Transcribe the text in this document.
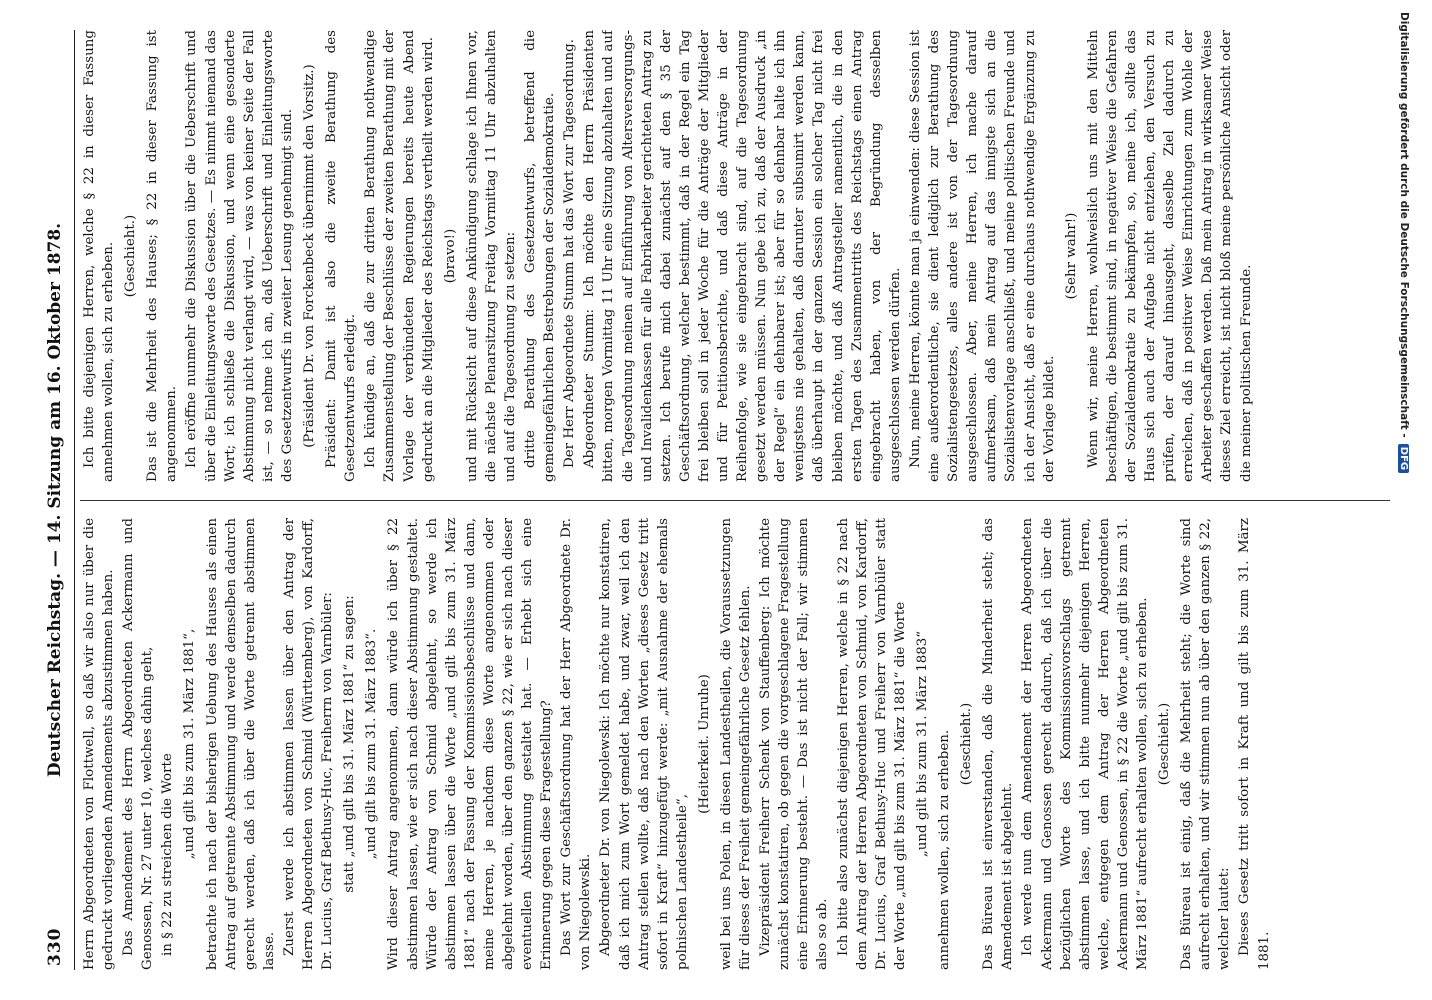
330
Deutscher Reichstag. — 14. Sitzung am 16. Oktober 1878.	Herrn Abgeordneten von Flottwell, so daß wir also nur über die gedruckt vorliegenden Amendements abzustimmen haben. Das Amendement des Herrn Abgeordneten Ackermann und Genossen, Nr. 27 unter 10, welches dahin geht, in § 22 zu streichen die Worte „und gilt bis zum 31. März 1881“, betrachte ich nach der bisherigen Uebung des Hauses als einen Antrag auf getrennte Abstimmung und werde demselben dadurch gerecht werden, daß ich über die Worte getrennt abstimmen lasse. Zuerst werde ich abstimmen lassen über den Antrag der Herren Abgeordneten von Schmid (Württemberg), von Kardorff, Dr. Lucius, Graf Bethusy-Huc, Freiherrn von Varnbüler: statt „und gilt bis 31. März 1881“ zu sagen: „und gilt bis zum 31. März 1883“. Wird dieser Antrag angenommen, dann würde ich über § 22 abstimmen lassen, wie er sich nach dieser Abstimmung gestaltet. Würde der Antrag von Schmid abgelehnt, so werde ich abstimmen lassen über die Worte „und gilt bis zum 31. März 1881“ nach der Fassung der Kommissionsbeschlüsse und dann, meine Herren, je nachdem diese Worte angenommen oder abgelehnt worden, über den ganzen § 22, wie er sich nach dieser eventuellen Abstimmung gestaltet hat. — Erhebt sich eine Erinnerung gegen diese Fragestellung? Das Wort zur Geschäftsordnung hat der Herr Abgeordnete Dr. von Niegolewski. Abgeordneter Dr. von Niegolewski: Ich möchte nur konstatiren, daß ich mich zum Wort gemeldet habe, und zwar, weil ich den Antrag stellen wollte, daß nach den Worten „dieses Gesetz tritt sofort in Kraft“ hinzugefügt werde: „mit Ausnahme der ehemals polnischen Landestheile“,

(Heiterkeit. Unruhe) weil bei uns Polen, in diesen Landestheilen, die Voraussetzungen für dieses der Freiheit gemeingefährliche Gesetz fehlen. Vizepräsident Freiherr Schenk von Stauffenberg: Ich möchte zunächst konstatiren, ob gegen die vorgeschlagene Fragestellung eine Erinnerung besteht. — Das ist nicht der Fall; wir stimmen also so ab. Ich bitte also zunächst diejenigen Herren, welche in § 22 nach dem Antrag der Herren Abgeordneten von Schmid, von Kardorff, Dr. Lucius, Graf Bethusy-Huc und Freiherr von Varnbüler statt der Worte „und gilt bis zum 31. März 1881“ die Worte „und gilt bis zum 31. März 1883“ annehmen wollen, sich zu erheben. (Geschieht.) Das Büreau ist einverstanden, daß die Minderheit steht; das Amendement ist abgelehnt. Ich werde nun dem Amendement der Herren Abgeordneten Ackermann und Genossen gerecht dadurch, daß ich über die bezüglichen Worte des Kommissionsvorschlags getrennt abstimmen lasse, und ich bitte nunmehr diejenigen Herren, welche, entgegen dem Antrag der Herren Abgeordneten Ackermann und Genossen, in § 22 die Worte „und gilt bis zum 31. März 1881“ aufrecht erhalten wollen, sich zu erheben. (Geschieht.) Das Büreau ist einig, daß die Mehrheit steht; die Worte sind aufrecht erhalten, und wir stimmen nun ab über den ganzen § 22, welcher lautet: Dieses Gesetz tritt sofort in Kraft und gilt bis zum 31. März 1881.

Ich bitte diejenigen Herren, welche § 22 in dieser Fassung annehmen wollen, sich zu erheben. (Geschieht.) Das ist die Mehrheit des Hauses; § 22 in dieser Fassung ist angenommen. Ich eröffne nunmehr die Diskussion über die Ueberschrift und über die Einleitungsworte des Gesetzes. — Es nimmt niemand das Wort; ich schließe die Diskussion, und wenn eine gesonderte Abstimmung nicht verlangt wird, — was von keiner Seite der Fall ist, — so nehme ich an, daß Ueberschrift und Einleitungsworte des Gesetzentwurfs in zweiter Lesung genehmigt sind. (Präsident Dr. von Forckenbeck übernimmt den Vorsitz.) Präsident: Damit ist also die zweite Berathung des Gesetzentwurfs erledigt. Ich kündige an, daß die zur dritten Berathung nothwendige Zusammenstellung der Beschlüsse der zweiten Berathung mit der Vorlage der verbündeten Regierungen bereits heute Abend gedruckt an die Mitglieder des Reichstags vertheilt werden wird. (bravo!) und mit Rücksicht auf diese Ankündigung schlage ich Ihnen vor, die nächste Plenarsitzung Freitag Vormittag 11 Uhr abzuhalten und auf die Tagesordnung zu setzen: dritte Berathung des Gesetzentwurfs, betreffend die gemeingefährlichen Bestrebungen der Sozialdemokratie. Der Herr Abgeordnete Stumm hat das Wort zur Tagesordnung. Abgeordneter Stumm: Ich möchte den Herrn Präsidenten bitten, morgen Vormittag 11 Uhr eine Sitzung abzuhalten und auf die Tagesordnung meinen auf Einführung von Altersversorgungs- und Invalidenkassen für alle Fabrikarbeiter gerichteten Antrag zu setzen. Ich berufe mich dabei zunächst auf den § 35 der Geschäftsordnung, welcher bestimmt, daß in der Regel ein Tag frei bleiben soll in jeder Woche für die Anträge der Mitglieder und für Petitionsberichte, und daß diese Anträge in der Reihenfolge, wie sie eingebracht sind, auf die Tagesordnung gesetzt werden müssen. Nun gebe ich zu, daß der Ausdruck „in der Regel“ ein dehnbarer ist; aber für so dehnbar halte ich ihn wenigstens nie gehalten, daß darunter subsumirt werden kann, daß überhaupt in der ganzen Session ein solcher Tag nicht frei bleiben möchte, und daß Antragsteller namentlich, die in den ersten Tagen des Zusammentritts des Reichstags einen Antrag eingebracht haben, von der Begründung desselben ausgeschlossen werden dürfen. Nun, meine Herren, könnte man ja einwenden: diese Session ist eine außerordentliche, sie dient lediglich zur Berathung des Sozialistengesetzes, alles andere ist von der Tagesordnung ausgeschlossen. Aber, meine Herren, ich mache darauf aufmerksam, daß mein Antrag auf das innigste sich an die Sozialistenvorlage anschließt, und meine politischen Freunde und ich der Ansicht, daß er eine durchaus nothwendige Ergänzung zu der Vorlage bildet.

(Sehr wahr!) Wenn wir, meine Herren, wohlweislich uns mit den Mitteln beschäftigen, die bestimmt sind, in negativer Weise die Gefahren der Sozialdemokratie zu bekämpfen, so, meine ich, sollte das Haus sich auch der Aufgabe nicht entziehen, den Versuch zu prüfen, der darauf hinausgeht, dasselbe Ziel dadurch zu erreichen, daß in positiver Weise Einrichtungen zum Wohle der Arbeiter geschaffen werden. Daß mein Antrag in wirksamer Weise dieses Ziel erreicht, ist nicht bloß meine persönliche Ansicht oder die meiner politischen Freunde.	Digitalisierung gefördert durch die Deutsche Forschungsgemeinschaft -DFG
